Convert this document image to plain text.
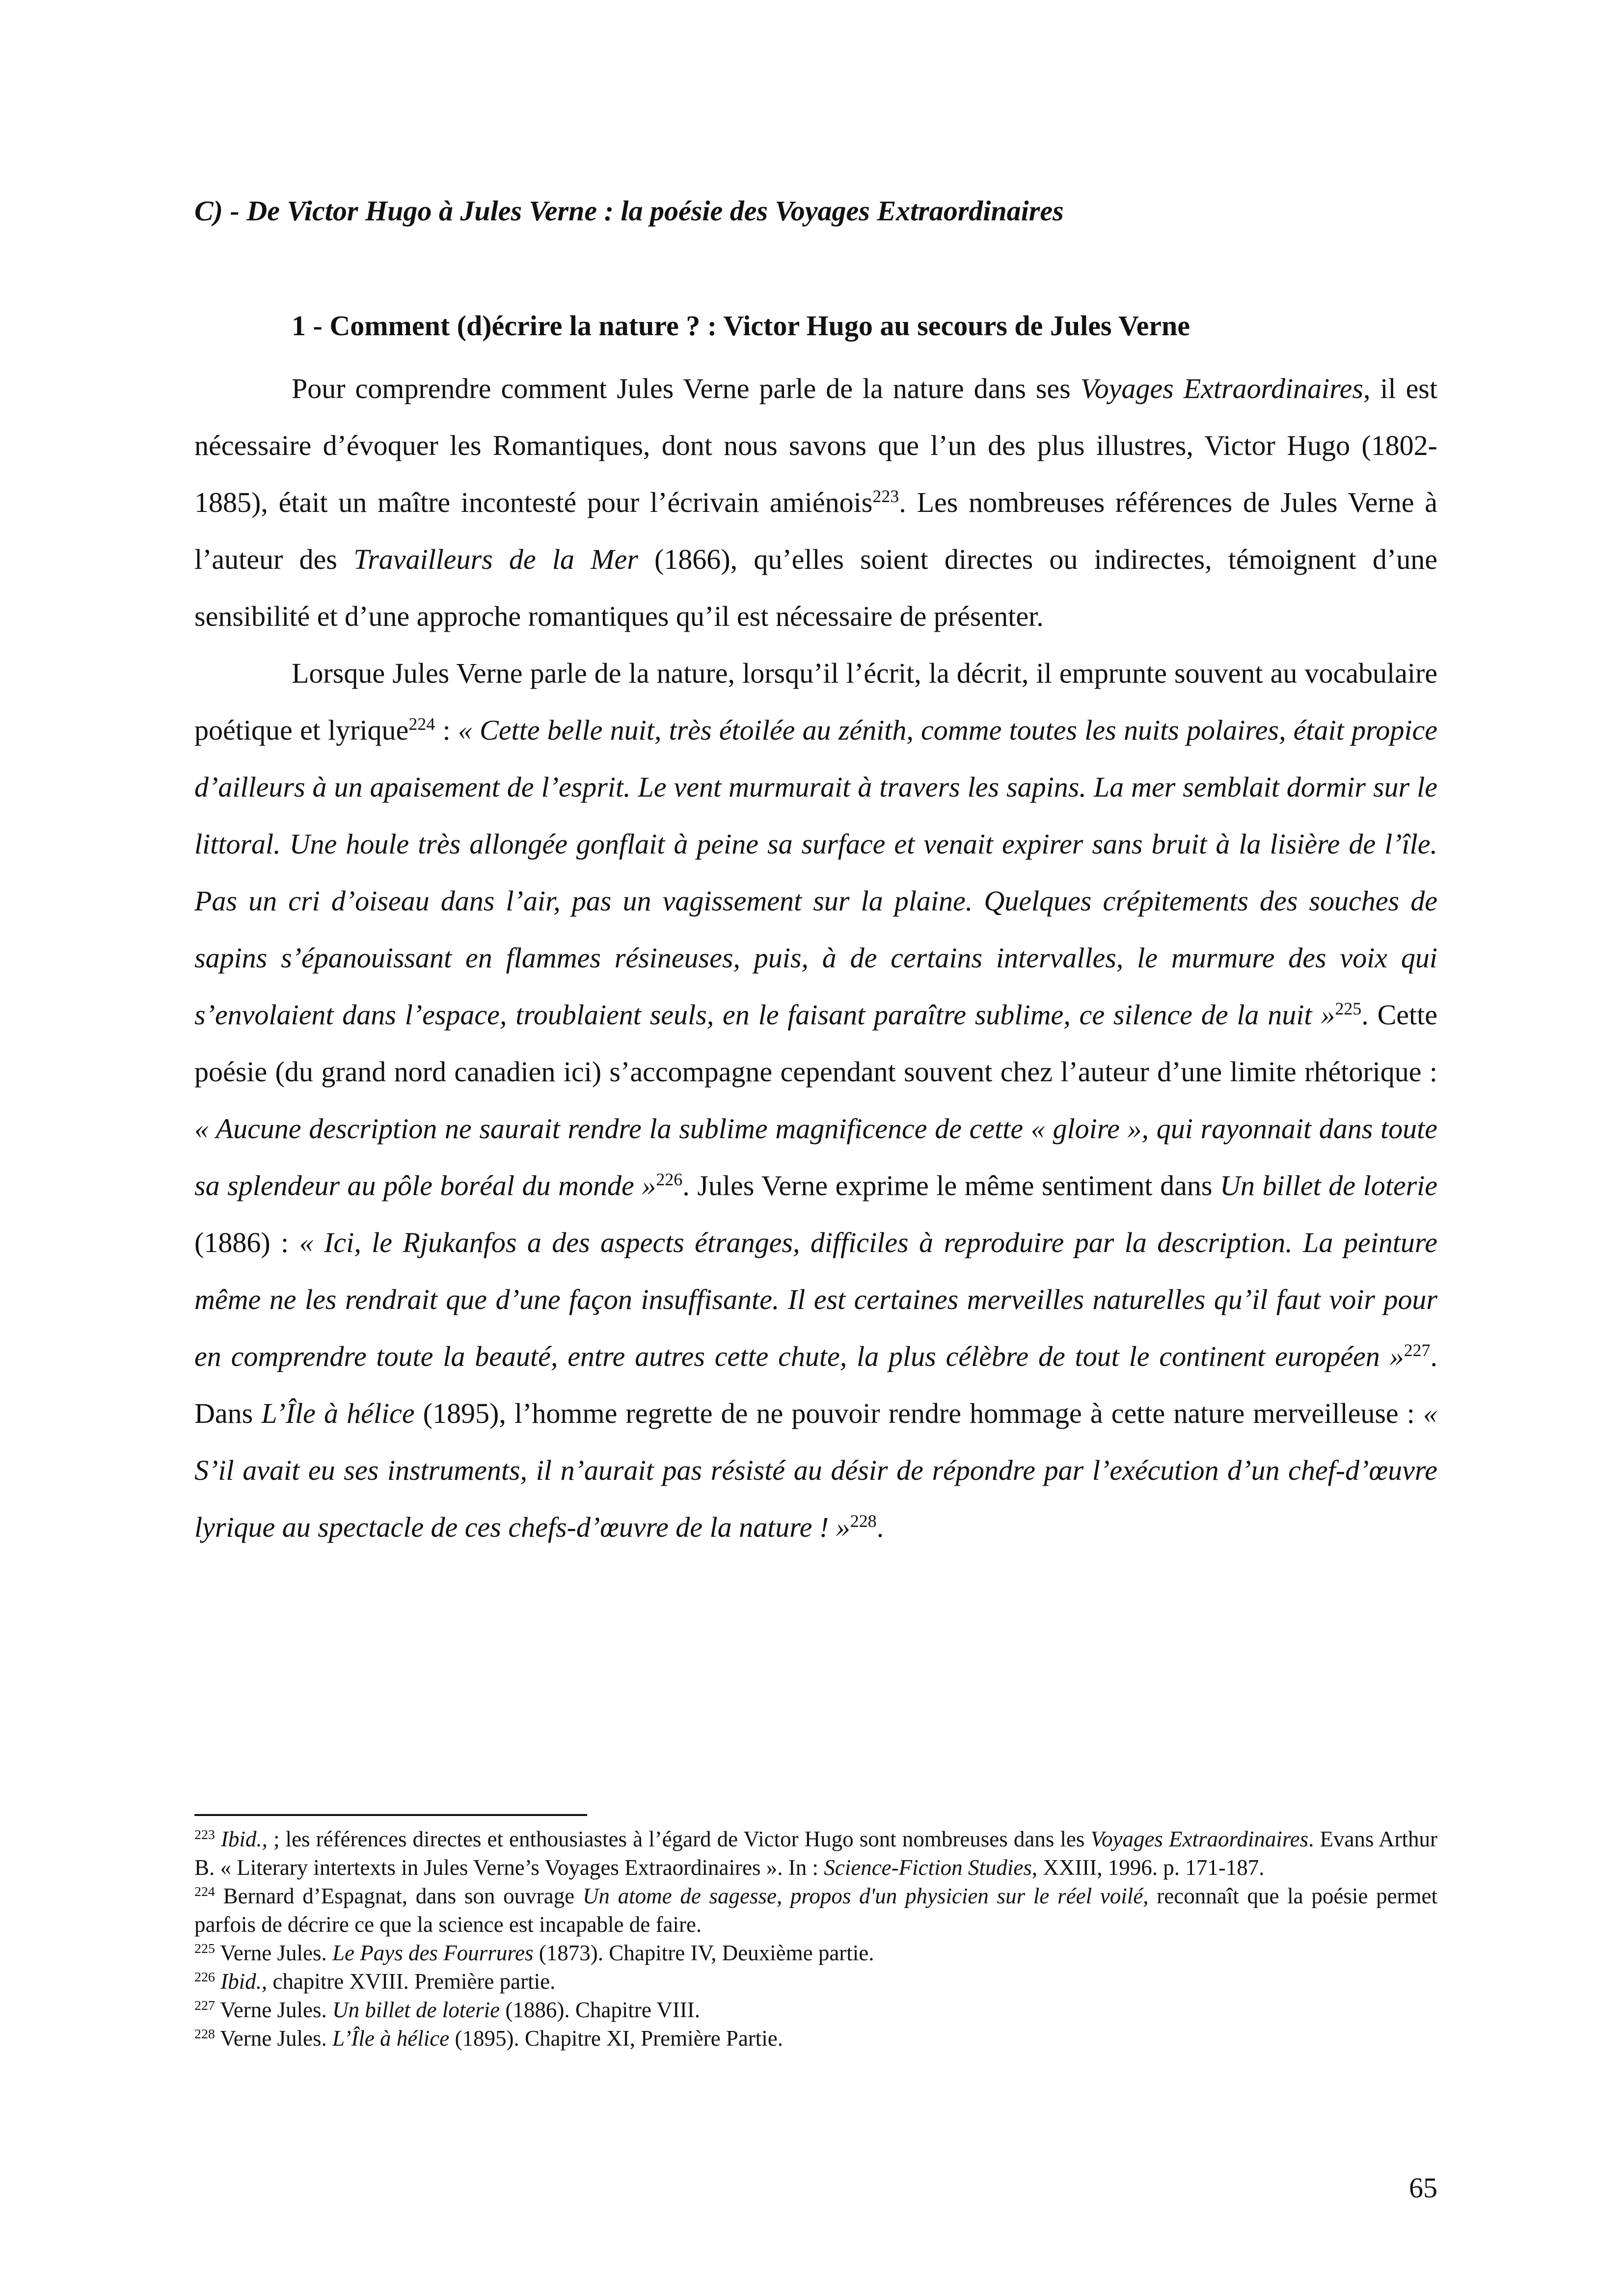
C) - De Victor Hugo à Jules Verne : la poésie des Voyages Extraordinaires
1 - Comment (d)écrire la nature ? : Victor Hugo au secours de Jules Verne

Pour comprendre comment Jules Verne parle de la nature dans ses Voyages Extraordinaires, il est nécessaire d’évoquer les Romantiques, dont nous savons que l’un des plus illustres, Victor Hugo (1802-1885), était un maître incontesté pour l’écrivain amiénois$^{223}$. Les nombreuses références de Jules Verne à l’auteur des Travailleurs de la Mer (1866), qu’elles soient directes ou indirectes, témoignent d’une sensibilité et d’une approche romantiques qu’il est nécessaire de présenter.

Lorsque Jules Verne parle de la nature, lorsqu’il l’écrit, la décrit, il emprunte souvent au vocabulaire poétique et lyrique$^{224}$ : « Cette belle nuit, très étoilée au zénith, comme toutes les nuits polaires, était propice d’ailleurs à un apaisement de l’esprit. Le vent murmurait à travers les sapins. La mer semblait dormir sur le littoral. Une houle très allongée gonflait à peine sa surface et venait expirer sans bruit à la lisière de l’île. Pas un cri d’oiseau dans l’air, pas un vagissement sur la plaine. Quelques crépitements des souches de sapins s’épanouissant en flammes résineuses, puis, à de certains intervalles, le murmure des voix qui s’envolaient dans l’espace, troublaient seuls, en le faisant paraître sublime, ce silence de la nuit »$^{225}$. Cette poésie (du grand nord canadien ici) s’accompagne cependant souvent chez l’auteur d’une limite rhétorique : « Aucune description ne saurait rendre la sublime magnificence de cette « gloire », qui rayonnait dans toute sa splendeur au pôle boréal du monde »$^{226}$. Jules Verne exprime le même sentiment dans Un billet de loterie (1886) : « Ici, le Rjukanfos a des aspects étranges, difficiles à reproduire par la description. La peinture même ne les rendrait que d’une façon insuffisante. Il est certaines merveilles naturelles qu’il faut voir pour en comprendre toute la beauté, entre autres cette chute, la plus célèbre de tout le continent européen »$^{227}$. Dans L’Île à hélice (1895), l’homme regrette de ne pouvoir rendre hommage à cette nature merveilleuse : « S’il avait eu ses instruments, il n’aurait pas résisté au désir de répondre par l’exécution d’un chef-d’œuvre lyrique au spectacle de ces chefs-d’œuvre de la nature ! »$^{228}$.

$^{223}$ Ibid., ; les références directes et enthousiastes à l’égard de Victor Hugo sont nombreuses dans les Voyages Extraordinaires. Evans Arthur B. « Literary intertexts in Jules Verne’s Voyages Extraordinaires ». In : Science-Fiction Studies, XXIII, 1996. p. 171-187.

$^{224}$ Bernard d’Espagnat, dans son ouvrage Un atome de sagesse, propos d'un physicien sur le réel voilé, reconnaît que la poésie permet parfois de décrire ce que la science est incapable de faire.

$^{225}$ Verne Jules. Le Pays des Fourrures (1873). Chapitre IV, Deuxième partie.

$^{226}$ Ibid., chapitre XVIII. Première partie.

$^{227}$ Verne Jules. Un billet de loterie (1886). Chapitre VIII.

$^{228}$ Verne Jules. L’Île à hélice (1895). Chapitre XI, Première Partie.

65
